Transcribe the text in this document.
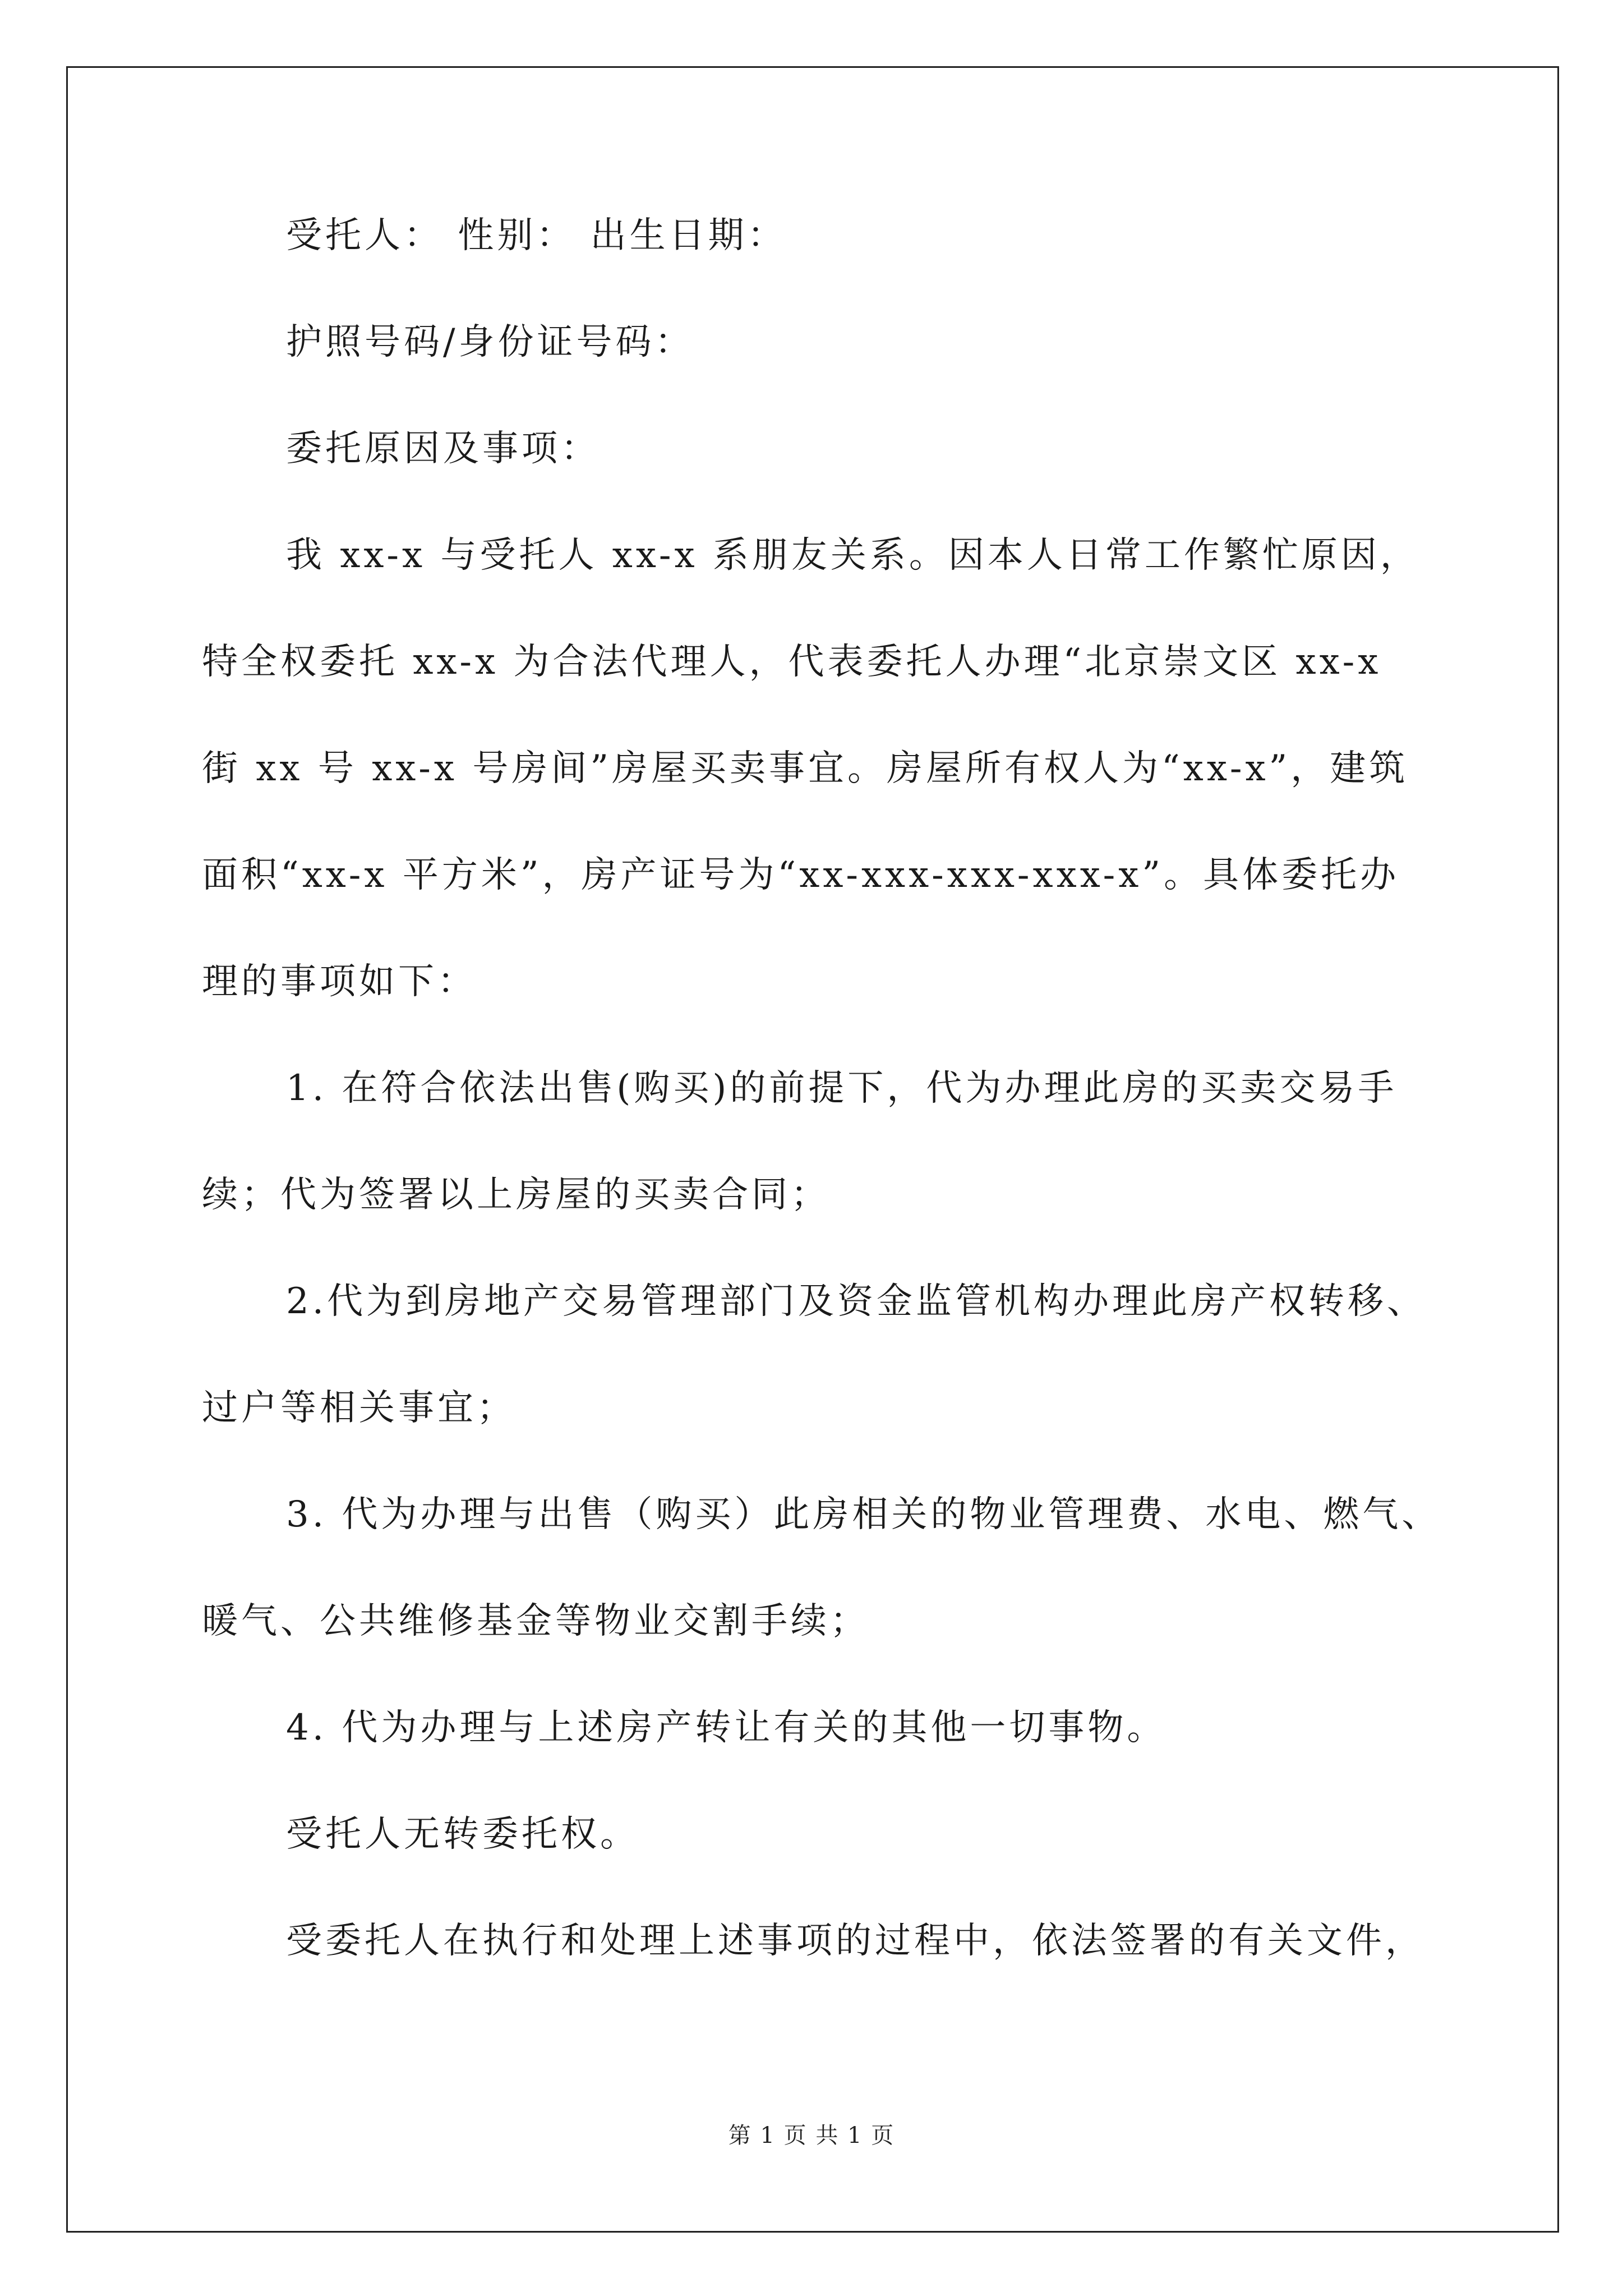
受托人： 性别： 出生日期：
护照号码/身份证号码：
委托原因及事项：
我 xx-x 与受托人 xx-x 系朋友关系。因本人日常工作繁忙原因，
特全权委托 xx-x 为合法代理人，代表委托人办理“北京崇文区 xx-x
街 xx 号 xx-x 号房间”房屋买卖事宜。房屋所有权人为“xx-x”，建筑
面积“xx-x 平方米”，房产证号为“xx-xxx-xxx-xxx-x”。具体委托办
理的事项如下：
1. 在符合依法出售(购买)的前提下，代为办理此房的买卖交易手
续；代为签署以上房屋的买卖合同；
2.代为到房地产交易管理部门及资金监管机构办理此房产权转移、
过户等相关事宜；
3. 代为办理与出售（购买）此房相关的物业管理费、水电、燃气、
暖气、公共维修基金等物业交割手续；
4. 代为办理与上述房产转让有关的其他一切事物。
受托人无转委托权。
受委托人在执行和处理上述事项的过程中，依法签署的有关文件，
第 1 页 共 1 页
